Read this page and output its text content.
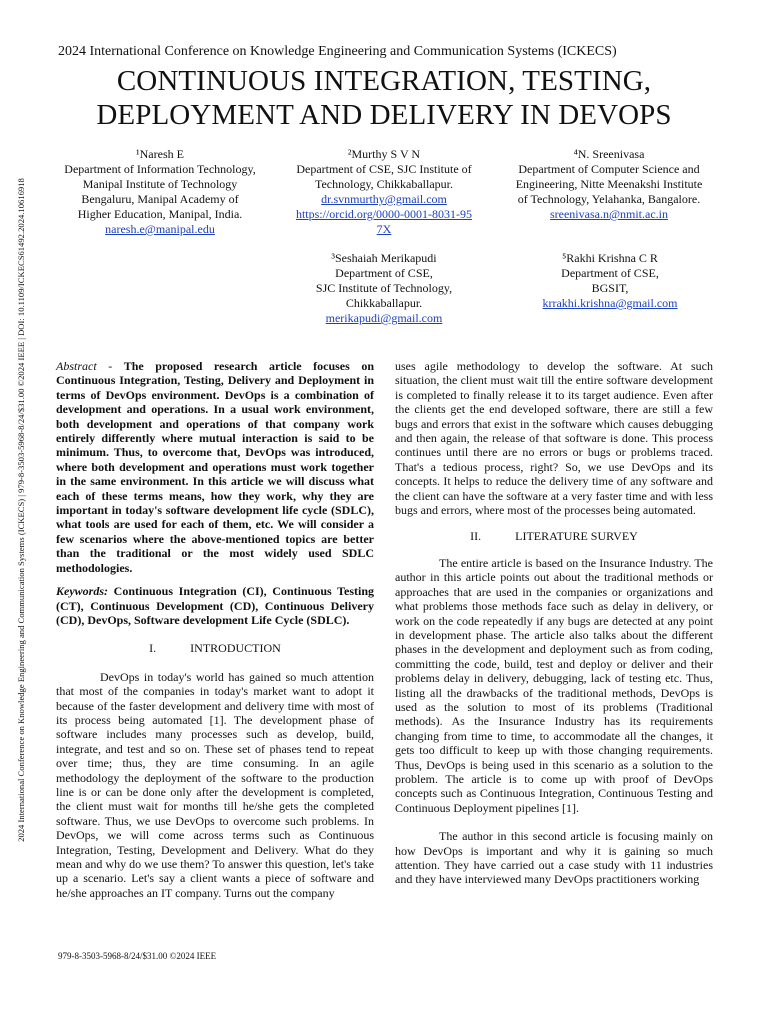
2024 International Conference on Knowledge Engineering and Communication Systems (ICKECS)
CONTINUOUS INTEGRATION, TESTING,
DEPLOYMENT AND DELIVERY IN DEVOPS
2024 International Conference on Knowledge Engineering and Communication Systems (ICKECS) | 979-8-3503-5968-8/24/$31.00 ©2024 IEEE | DOI: 10.1109/ICKECS61492.2024.10616918
¹Naresh E
Department of Information Technology,
Manipal Institute of Technology
Bengaluru, Manipal Academy of
Higher Education, Manipal, India.
naresh.e@manipal.edu
²Murthy S V N
Department of CSE, SJC Institute of
Technology, Chikkaballapur.
dr.svnmurthy@gmail.com
https://orcid.org/0000-0001-8031-95
7X
⁴N. Sreenivasa
Department of Computer Science and
Engineering, Nitte Meenakshi Institute
of Technology, Yelahanka, Bangalore.
sreenivasa.n@nmit.ac.in
³Seshaiah Merikapudi
Department of CSE,
SJC Institute of Technology,
Chikkaballapur.
merikapudi@gmail.com
⁵Rakhi Krishna C R
Department of CSE,
BGSIT,
krrakhi.krishna@gmail.com

Abstract - The proposed research article focuses on Continuous Integration, Testing, Delivery and Deployment in terms of DevOps environment. DevOps is a combination of development and operations. In a usual work environment, both development and operations of that company work entirely differently where mutual interaction is said to be minimum. Thus, to overcome that, DevOps was introduced, where both development and operations must work together in the same environment. In this article we will discuss what each of these terms means, how they work, why they are important in today's software development life cycle (SDLC), what tools are used for each of them, etc. We will consider a few scenarios where the above-mentioned topics are better than the traditional or the most widely used SDLC methodologies.

Keywords: Continuous Integration (CI), Continuous Testing (CT), Continuous Development (CD), Continuous Delivery (CD), DevOps, Software development Life Cycle (SDLC).

I.	INTRODUCTION

DevOps in today's world has gained so much attention that most of the companies in today's market want to adopt it because of the faster development and delivery time with most of its process being automated [1]. The development phase of software includes many processes such as develop, build, integrate, and test and so on. These set of phases tend to repeat over time; thus, they are time consuming. In an agile methodology the deployment of the software to the production line is or can be done only after the development is completed, the client must wait for months till he/she gets the completed software. Thus, we use DevOps to overcome such problems. In DevOps, we will come across terms such as Continuous Integration, Testing, Development and Delivery. What do they mean and why do we use them? To answer this question, let's take up a scenario. Let's say a client wants a piece of software and he/she approaches an IT company. Turns out the company

uses agile methodology to develop the software. At such situation, the client must wait till the entire software development is completed to finally release it to its target audience. Even after the clients get the end developed software, there are still a few bugs and errors that exist in the software which causes debugging and then again, the release of that software is done. This process continues until there are no errors or bugs or problems traced. That's a tedious process, right? So, we use DevOps and its concepts. It helps to reduce the delivery time of any software and the client can have the software at a very faster time and with less bugs and errors, where most of the processes being automated.

II.	LITERATURE SURVEY

The entire article is based on the Insurance Industry. The author in this article points out about the traditional methods or approaches that are used in the companies or organizations and what problems those methods face such as delay in delivery, or work on the code repeatedly if any bugs are detected at any point in development phase. The article also talks about the different phases in the development and deployment such as from coding, committing the code, build, test and deploy or deliver and their problems delay in delivery, debugging, lack of testing etc. Thus, listing all the drawbacks of the traditional methods, DevOps is used as the solution to most of its problems (Traditional methods). As the Insurance Industry has its requirements changing from time to time, to accommodate all the changes, it gets too difficult to keep up with those changing requirements. Thus, DevOps is being used in this scenario as a solution to the problem. The article is to come up with proof of DevOps concepts such as Continuous Integration, Continuous Testing and Continuous Deployment pipelines [1].

The author in this second article is focusing mainly on how DevOps is important and why it is gaining so much attention. They have carried out a case study with 11 industries and they have interviewed many DevOps practitioners working

979-8-3503-5968-8/24/$31.00 ©2024 IEEE
